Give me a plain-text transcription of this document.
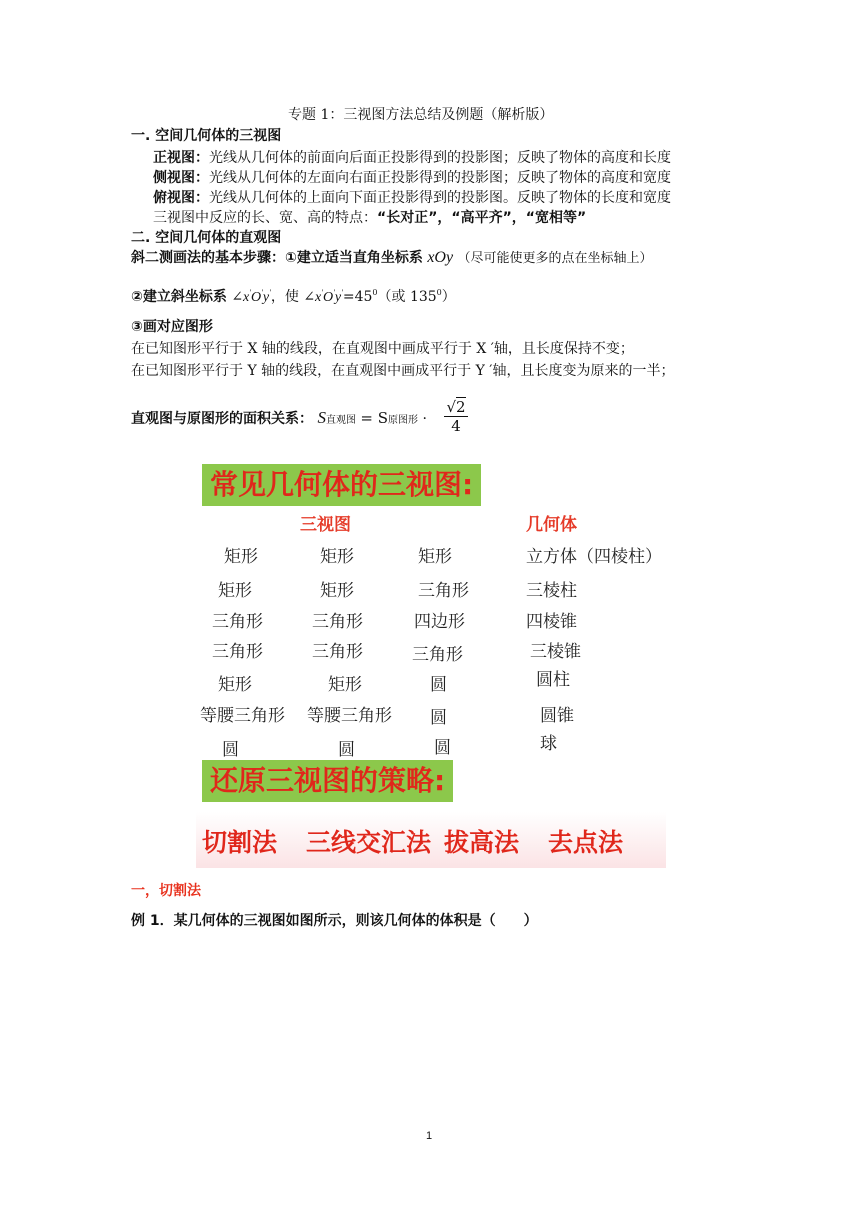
专题 1：三视图方法总结及例题（解析版）
一. 空间几何体的三视图
正视图：光线从几何体的前面向后面正投影得到的投影图；反映了物体的高度和长度
侧视图：光线从几何体的左面向右面正投影得到的投影图；反映了物体的高度和宽度
俯视图：光线从几何体的上面向下面正投影得到的投影图。反映了物体的长度和宽度
三视图中反应的长、宽、高的特点：“长对正”，“高平齐”，“宽相等”
二. 空间几何体的直观图
斜二测画法的基本步骤：①建立适当直角坐标系 xOy （尽可能使更多的点在坐标轴上）
②建立斜坐标系 ∠x′O′y′，使 $\angle x'O'y'=45^0$（或 $135^0$）
③画对应图形
在已知图形平行于 X 轴的线段，在直观图中画成平行于 X ′轴，且长度保持不变；
在已知图形平行于 Y 轴的线段，在直观图中画成平行于 Y ′轴，且长度变为原来的一半；
直观图与原图形的面积关系： S直观图 = S原图形 ·
√2
4
常见几何体的三视图:
三视图	几何体
矩形	矩形	矩形	立方体（四棱柱）
矩形	矩形	三角形	三棱柱
三角形	三角形	四边形	四棱锥
三角形	三角形	三角形	三棱锥
矩形	矩形	圆	圆柱
等腰三角形 等腰三角形 圆	圆锥
圆	圆	圆	球
还原三视图的策略:
切割法 三线交汇法 拔高法 去点法
一，切割法
例 1．某几何体的三视图如图所示，则该几何体的体积是（　　）
1
